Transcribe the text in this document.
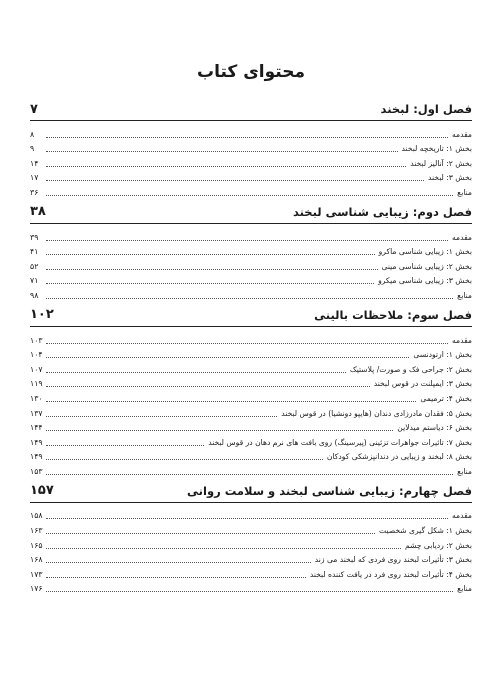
محتوای کتاب
فصل اول: لبخند
۷
مقدمه
۸
بخش ۱: تاریخچه لبخند
۹
بخش ۲: آنالیز لبخند
۱۴
بخش ۳: لبخند
۱۷
منابع
۳۶
فصل دوم: زیبایی شناسی لبخند
۳۸
مقدمه
۳۹
بخش ۱: زیبایی شناسی ماکرو
۴۱
بخش ۲: زیبایی شناسی مینی
۵۲
بخش ۳: زیبایی شناسی میکرو
۷۱
منابع
۹۸
فصل سوم: ملاحظات بالینی
۱۰۲
مقدمه
۱۰۳
بخش ۱: ارتودنسی
۱۰۴
بخش ۲: جراحی فک و صورت/ پلاستیک
۱۰۷
بخش ۳: ایمپلنت در قوس لبخند
۱۱۹
بخش ۴: ترمیمی
۱۳۰
بخش ۵: فقدان مادرزادی دندان (هایپو دونشیا) در قوس لبخند
۱۳۷
بخش ۶: دیاستم میدلاین
۱۴۴
بخش ۷: تاثیرات جواهرات تزئینی (پیرسینگ) روی بافت های نرم دهان در قوس لبخند
۱۴۹
بخش ۸: لبخند و زیبایی در دندانپزشکی کودکان
۱۴۹
منابع
۱۵۳
فصل چهارم: زیبایی شناسی لبخند و سلامت روانی
۱۵۷
مقدمه
۱۵۸
بخش ۱: شکل گیری شخصیت
۱۶۳
بخش ۲: ردیابی چشم
۱۶۵
بخش ۳: تأثیرات لبخند روی فردی که لبخند می زند
۱۶۸
بخش ۴: تأثیرات لبخند روی فرد در یافت کننده لبخند
۱۷۳
منابع
۱۷۶
